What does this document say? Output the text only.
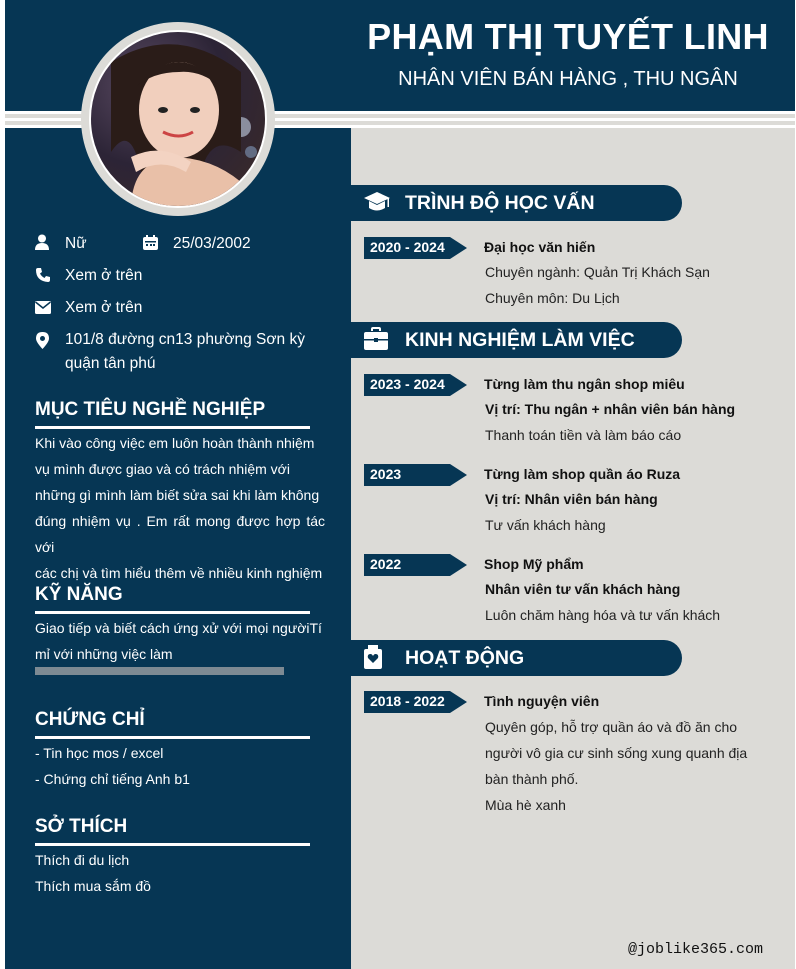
PHẠM THỊ TUYẾT LINH
NHÂN VIÊN BÁN HÀNG , THU NGÂN
Nữ	25/03/2002
Xem ở trên
Xem ở trên
101/8 đường cn13 phường Sơn kỳ
quận tân phú
MỤC TIÊU NGHỀ NGHIỆP
Khi vào công việc em luôn hoàn thành nhiệm
vụ mình được giao và có trách nhiệm với
những gì mình làm biết sửa sai khi làm không
đúng nhiệm vụ . Em rất mong được hợp tác với
các chị và tìm hiểu thêm về nhiều kinh nghiệm
KỸ NĂNG
Giao tiếp và biết cách ứng xử với mọi ngườiTí
mỉ với những việc làm
CHỨNG CHỈ
- Tin học mos / excel
- Chứng chỉ tiếng Anh b1
SỞ THÍCH
Thích đi du lịch
Thích mua sắm đồ
TRÌNH ĐỘ HỌC VẤN
2020 - 2024	Đại học văn hiến
Chuyên ngành: Quản Trị Khách Sạn
Chuyên môn: Du Lịch
KINH NGHIỆM LÀM VIỆC
2023 - 2024	Từng làm thu ngân shop miêu
Vị trí: Thu ngân + nhân viên bán hàng
Thanh toán tiền và làm báo cáo
2023	Từng làm shop quần áo Ruza
Vị trí: Nhân viên bán hàng
Tư vấn khách hàng
2022	Shop Mỹ phẩm
Nhân viên tư vấn khách hàng
Luôn chăm hàng hóa và tư vấn khách
HOẠT ĐỘNG
2018 - 2022	Tình nguyện viên
Quyên góp, hỗ trợ quần áo và đồ ăn cho
người vô gia cư sinh sống xung quanh địa
bàn thành phố.
Mùa hè xanh
@joblike365.com
